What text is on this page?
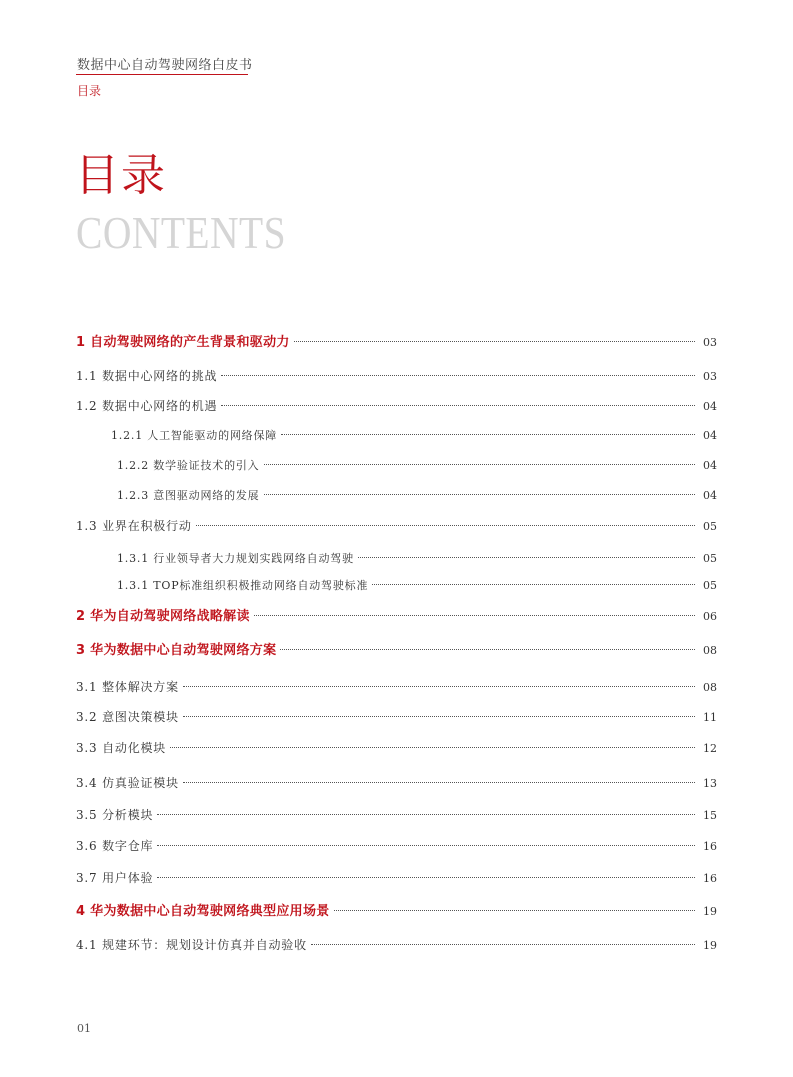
数据中心自动驾驶网络白皮书
目录
目录
CONTENTS
1 自动驾驶网络的产生背景和驱动力	03
1.1 数据中心网络的挑战	03
1.2 数据中心网络的机遇	04
1.2.1 人工智能驱动的网络保障	04
1.2.2 数学验证技术的引入	04
1.2.3 意图驱动网络的发展	04
1.3 业界在积极行动	05
1.3.1 行业领导者大力规划实践网络自动驾驶	05
1.3.1 TOP标准组织积极推动网络自动驾驶标准	05
2 华为自动驾驶网络战略解读	06
3 华为数据中心自动驾驶网络方案	08
3.1 整体解决方案	08
3.2 意图决策模块	11
3.3 自动化模块	12
3.4 仿真验证模块	13
3.5 分析模块	15
3.6 数字仓库	16
3.7 用户体验	16
4 华为数据中心自动驾驶网络典型应用场景	19
4.1 规建环节：规划设计仿真并自动验收	19
01
